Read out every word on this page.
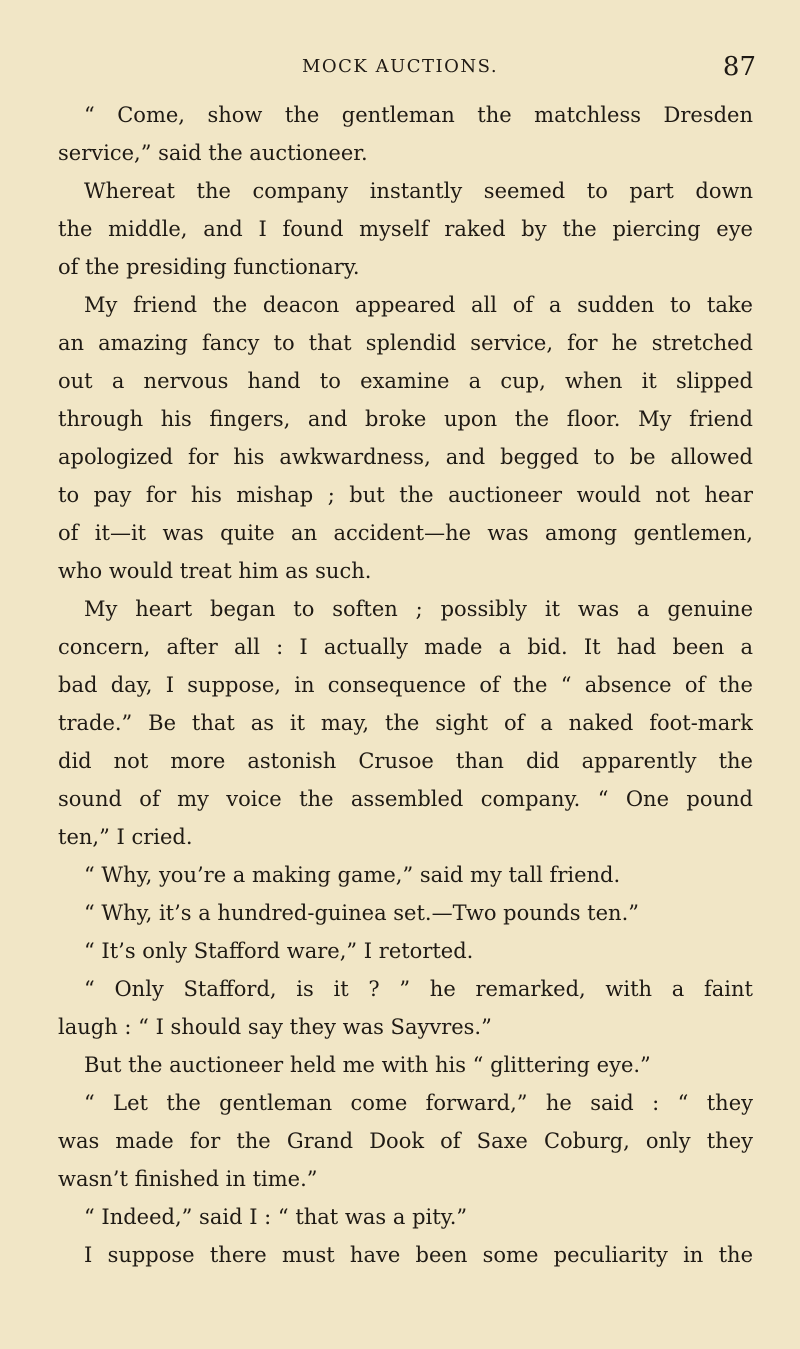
MOCK AUCTIONS.	87
“ Come, show the gentleman the matchless Dresden
service,” said the auctioneer.
Whereat the company instantly seemed to part down
the middle, and I found myself raked by the piercing eye
of the presiding functionary.
My friend the deacon appeared all of a sudden to take
an amazing fancy to that splendid service, for he stretched
out a nervous hand to examine a cup, when it slipped
through his fingers, and broke upon the floor. My friend
apologized for his awkwardness, and begged to be allowed
to pay for his mishap ; but the auctioneer would not hear
of it—it was quite an accident—he was among gentlemen,
who would treat him as such.
My heart began to soften ; possibly it was a genuine
concern, after all : I actually made a bid. It had been a
bad day, I suppose, in consequence of the “ absence of the
trade.” Be that as it may, the sight of a naked foot-mark
did not more astonish Crusoe than did apparently the
sound of my voice the assembled company. “ One pound
ten,” I cried.
“ Why, you’re a making game,” said my tall friend.
“ Why, it’s a hundred-guinea set.—Two pounds ten.”
“ It’s only Stafford ware,” I retorted.
“ Only Stafford, is it ? ” he remarked, with a faint
laugh : “ I should say they was Sayvres.”
But the auctioneer held me with his “ glittering eye.”
“ Let the gentleman come forward,” he said : “ they
was made for the Grand Dook of Saxe Coburg, only they
wasn’t finished in time.”
“ Indeed,” said I : “ that was a pity.”
I suppose there must have been some peculiarity in the
